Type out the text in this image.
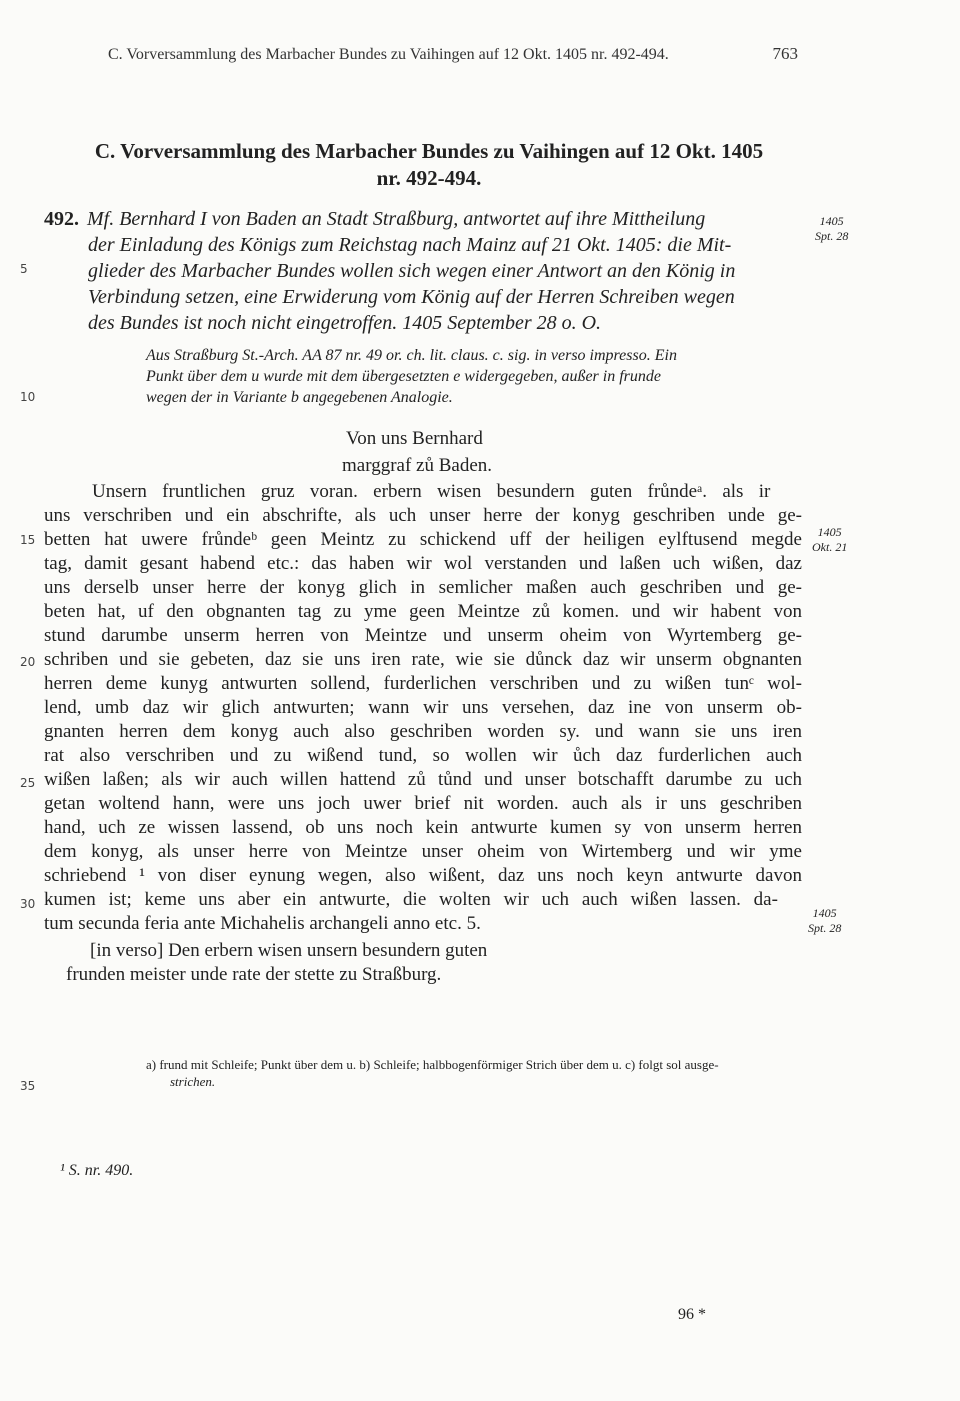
C. Vorversammlung des Marbacher Bundes zu Vaihingen auf 12 Okt. 1405 nr. 492-494.	763
C. Vorversammlung des Marbacher Bundes zu Vaihingen auf 12 Okt. 1405
nr. 492-494.

492. Mf. Bernhard I von Baden an Stadt Straßburg, antwortet auf ihre Mittheilung

der Einladung des Königs zum Reichstag nach Mainz auf 21 Okt. 1405: die Mit-

glieder des Marbacher Bundes wollen sich wegen einer Antwort an den König in

Verbindung setzen, eine Erwiderung vom König auf der Herren Schreiben wegen

des Bundes ist noch nicht eingetroffen. 1405 September 28 o. O.

Aus Straßburg St.-Arch. AA 87 nr. 49 or. ch. lit. claus. c. sig. in verso impresso. Ein
Punkt über dem u wurde mit dem übergesetzten e widergegeben, außer in frunde
wegen der in Variante b angegebenen Analogie.
Von uns Bernhard
marggraf zů Baden.
Unsern fruntlichen gruz voran. erbern wisen besundern guten frůndeᵃ. als ir
uns verschriben und ein abschrifte, als uch unser herre der konyg geschriben unde ge-
betten hat uwere frůndeᵇ geen Meintz zu schickend uff der heiligen eylftusend megde
tag, damit gesant habend etc.: das haben wir wol verstanden und laßen uch wißen, daz
uns derselb unser herre der konyg glich in semlicher maßen auch geschriben und ge-
beten hat, uf den obgnanten tag zu yme geen Meintze zů komen. und wir habent von
stund darumbe unserm herren von Meintze und unserm oheim von Wyrtemberg ge-
schriben und sie gebeten, daz sie uns iren rate, wie sie důnck daz wir unserm obgnanten
herren deme kunyg antwurten sollend, furderlichen verschriben und zu wißen tunᶜ wol-
lend, umb daz wir glich antwurten; wann wir uns versehen, daz ine von unserm ob-
gnanten herren dem konyg auch also geschriben worden sy. und wann sie uns iren
rat also verschriben und zu wißend tund, so wollen wir ůch daz furderlichen auch
wißen laßen; als wir auch willen hattend zů tůnd und unser botschafft darumbe zu uch
getan woltend hann, were uns joch uwer brief nit worden. auch als ir uns geschriben
hand, uch ze wissen lassend, ob uns noch kein antwurte kumen sy von unserm herren
dem konyg, als unser herre von Meintze unser oheim von Wirtemberg und wir yme
schriebend ¹ von diser eynung wegen, also wißent, daz uns noch keyn antwurte davon
kumen ist; keme uns aber ein antwurte, die wolten wir uch auch wißen lassen. da-
tum secunda feria ante Michahelis archangeli anno etc. 5.
[in verso] Den erbern wisen unsern besundern guten
frunden meister unde rate der stette zu Straßburg.
1405
Spt. 28
1405
Okt. 21
1405
Spt. 28
5
10
15
20
25
30
35
a) frund mit Schleife; Punkt über dem u. b) Schleife; halbbogenförmiger Strich über dem u. c) folgt sol ausge-
strichen.
¹ S. nr. 490.
96 *
